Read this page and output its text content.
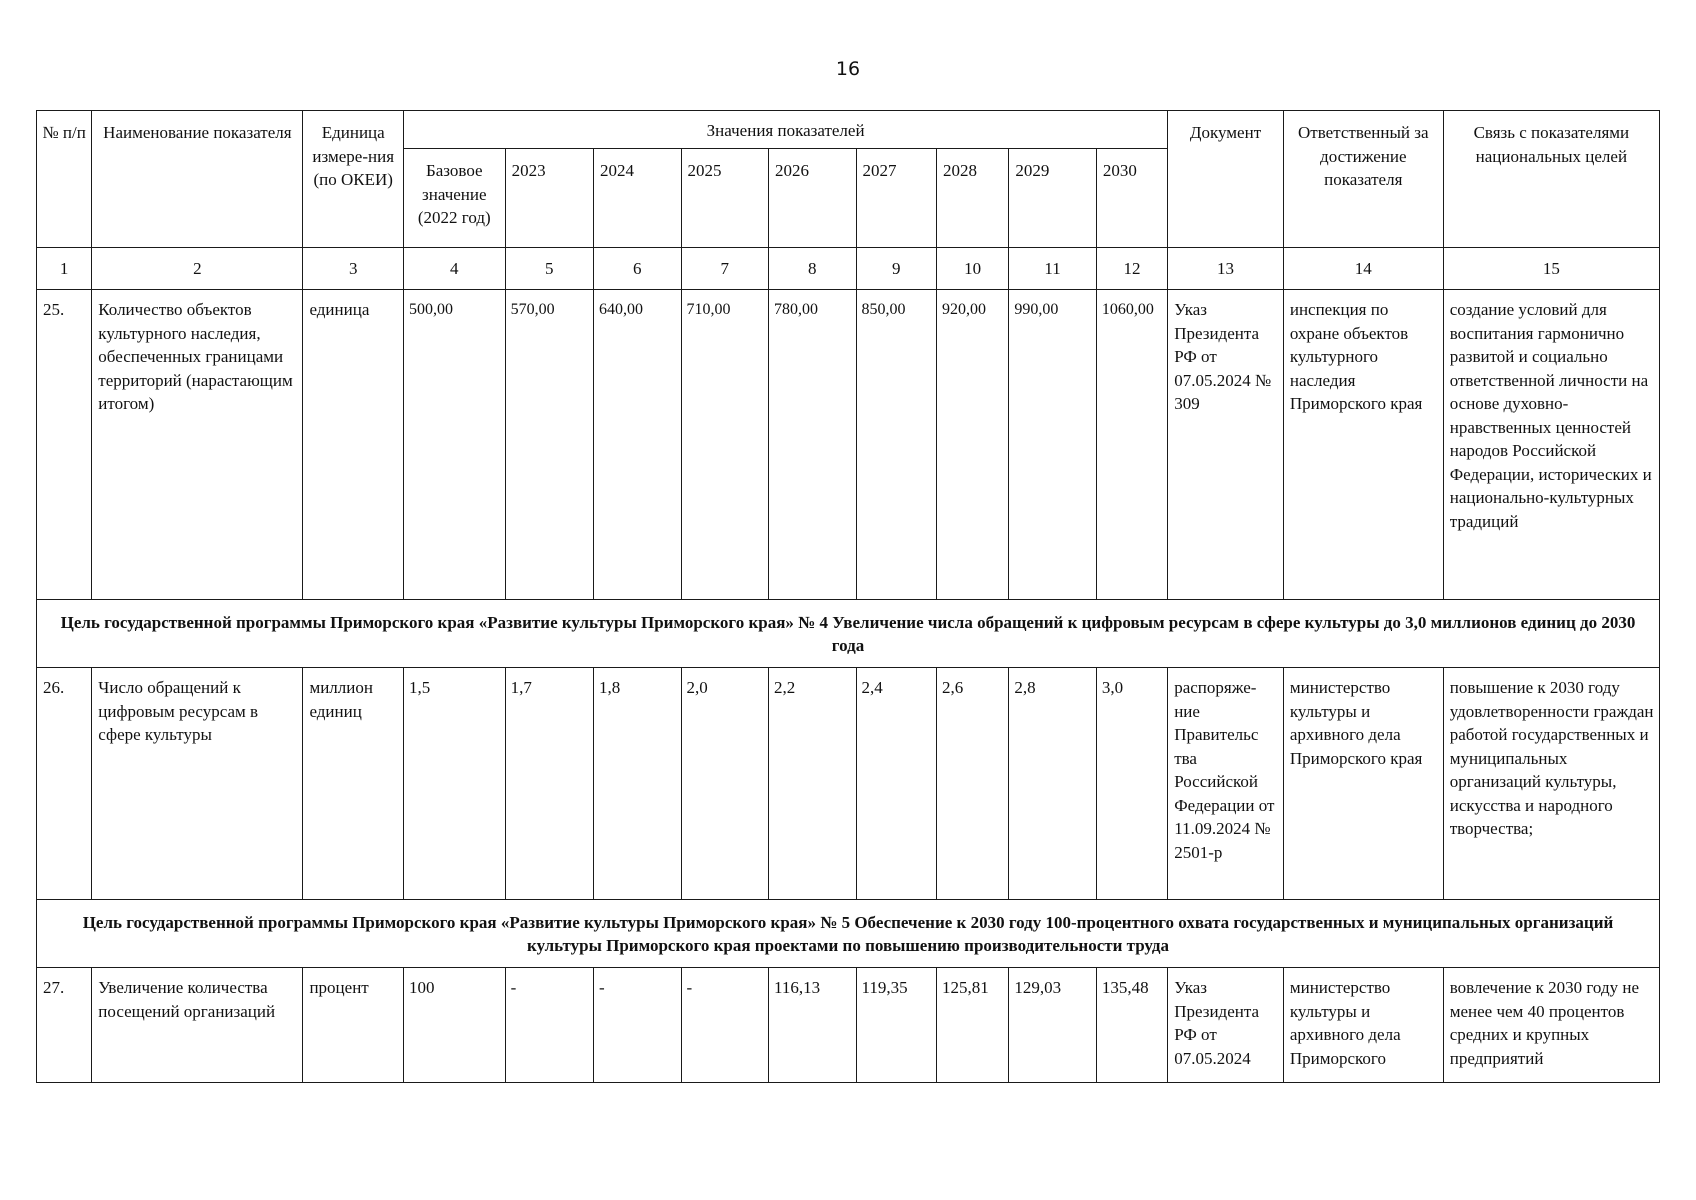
16
№ п/п	Наименование показателя	Единица измере-ния (по ОКЕИ)	Значения показателей									Документ	Ответственный за достижение показателя	Связь с показателями национальных целей
			Базовое значение (2022 год)	2023	2024	2025	2026	2027	2028	2029	2030			
1	2	3	4	5	6	7	8	9	10	11	12	13	14	15
25.	Количество объектов культурного наследия, обеспеченных границами территорий (нарастающим итогом)	единица	500,00	570,00	640,00	710,00	780,00	850,00	920,00	990,00	1060,00	Указ Президента РФ от 07.05.2024 № 309	инспекция по охране объектов культурного наследия Приморского края	создание условий для воспитания гармонично развитой и социально ответственной личности на основе духовно-нравственных ценностей народов Российской Федерации, исторических и национально-культурных традиций
Цель государственной программы Приморского края «Развитие культуры Приморского края» № 4 Увеличение числа обращений к цифровым ресурсам в сфере культуры до 3,0 миллионов единиц до 2030 года														
26.	Число обращений к цифровым ресурсам в сфере культуры	миллион единиц	1,5	1,7	1,8	2,0	2,2	2,4	2,6	2,8	3,0	распоряже-ние Правительс тва Российской Федерации от 11.09.2024 № 2501-р	министерство культуры и архивного дела Приморского края	повышение к 2030 году удовлетворенности граждан работой государственных и муниципальных организаций культуры, искусства и народного творчества;
Цель государственной программы Приморского края «Развитие культуры Приморского края» № 5 Обеспечение к 2030 году 100-процентного охвата государственных и муниципальных организаций культуры Приморского края проектами по повышению производительности труда														
27.	Увеличение количества посещений организаций	процент	100	-	-	-	116,13	119,35	125,81	129,03	135,48	Указ Президента РФ от 07.05.2024	министерство культуры и архивного дела Приморского	вовлечение к 2030 году не менее чем 40 процентов средних и крупных предприятий
